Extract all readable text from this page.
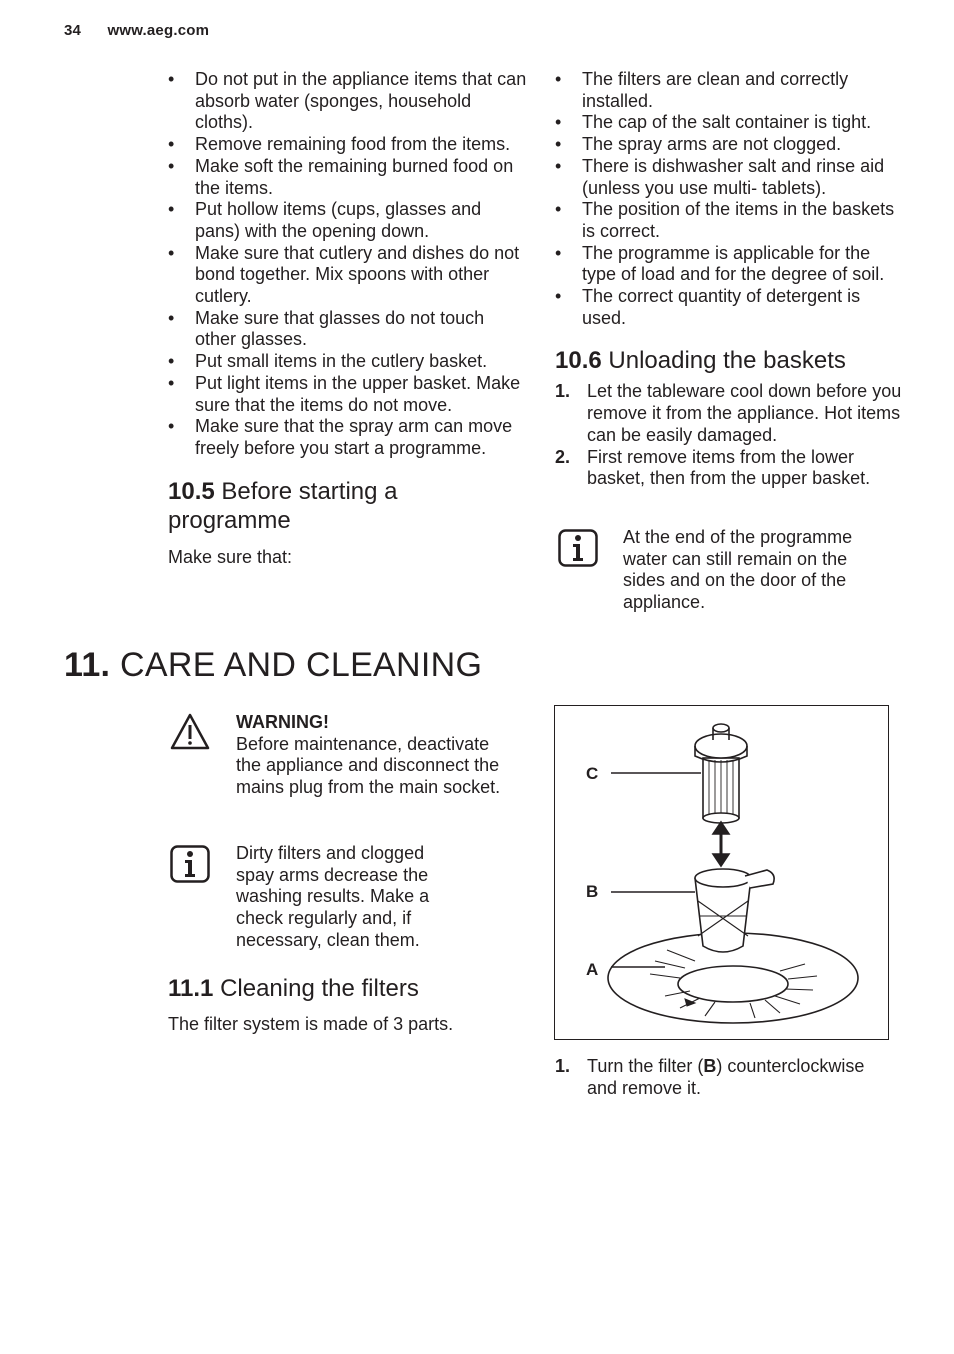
34 www.aeg.com
• Do not put in the appliance items that can absorb water (sponges, household cloths).
• Remove remaining food from the items.
• Make soft the remaining burned food on the items.
• Put hollow items (cups, glasses and pans) with the opening down.
• Make sure that cutlery and dishes do not bond together. Mix spoons with other cutlery.
• Make sure that glasses do not touch other glasses.
• Put small items in the cutlery basket.
• Put light items in the upper basket. Make sure that the items do not move.
• Make sure that the spray arm can move freely before you start a programme.
10.5 Before starting a programme

Make sure that:

• The filters are clean and correctly installed.
• The cap of the salt container is tight.
• The spray arms are not clogged.
• There is dishwasher salt and rinse aid (unless you use multi- tablets).
• The position of the items in the baskets is correct.
• The programme is applicable for the type of load and for the degree of soil.
• The correct quantity of detergent is used.
10.6 Unloading the baskets
1. Let the tableware cool down before you remove it from the appliance. Hot items can be easily damaged.
2. First remove items from the lower basket, then from the upper basket.
At the end of the programme water can still remain on the sides and on the door of the appliance.
11. CARE AND CLEANING
WARNING!
Before maintenance, deactivate the appliance and disconnect the mains plug from the main socket.
Dirty filters and clogged spay arms decrease the washing results. Make a check regularly and, if necessary, clean them.
11.1 Cleaning the filters

The filter system is made of 3 parts.

C
B
A
1. Turn the filter (B) counterclockwise and remove it.
